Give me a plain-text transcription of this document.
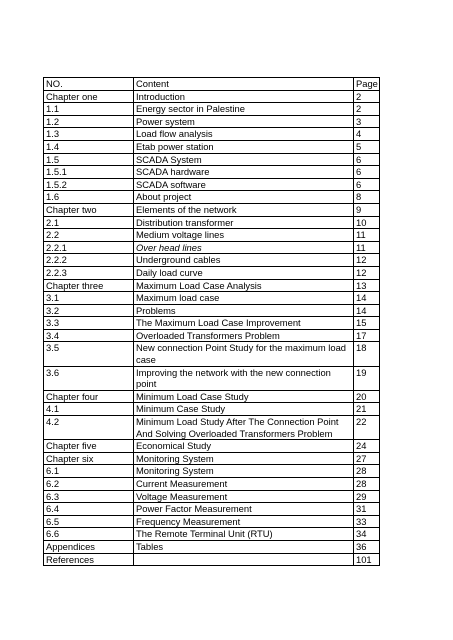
NO.	Content	Page
Chapter one	Introduction	2
1.1	Energy sector in Palestine	2
1.2	Power system	3
1.3	Load flow analysis	4
1.4	Etab power station	5
1.5	SCADA System	6
1.5.1	SCADA hardware	6
1.5.2	SCADA software	6
1.6	About project	8
Chapter two	Elements of the network	9
2.1	Distribution transformer	10
2.2	Medium voltage lines	11
2.2.1	Over head lines	11
2.2.2	Underground cables	12
2.2.3	Daily load curve	12
Chapter three	Maximum Load Case Analysis	13
3.1	Maximum load case	14
3.2	Problems	14
3.3	The Maximum Load Case Improvement	15
3.4	Overloaded Transformers Problem	17
3.5	New connection Point Study for the maximum load case	18
3.6	Improving the network with the new connection point	19
Chapter four	Minimum Load Case Study	20
4.1	Minimum Case Study	21
4.2	Minimum Load Study After The Connection Point And Solving Overloaded Transformers Problem	22
Chapter five	Economical Study	24
Chapter six	Monitoring System	27
6.1	Monitoring System	28
6.2	Current Measurement	28
6.3	Voltage Measurement	29
6.4	Power Factor Measurement	31
6.5	Frequency Measurement	33
6.6	The Remote Terminal Unit (RTU)	34
Appendices	Tables	36
References		101
